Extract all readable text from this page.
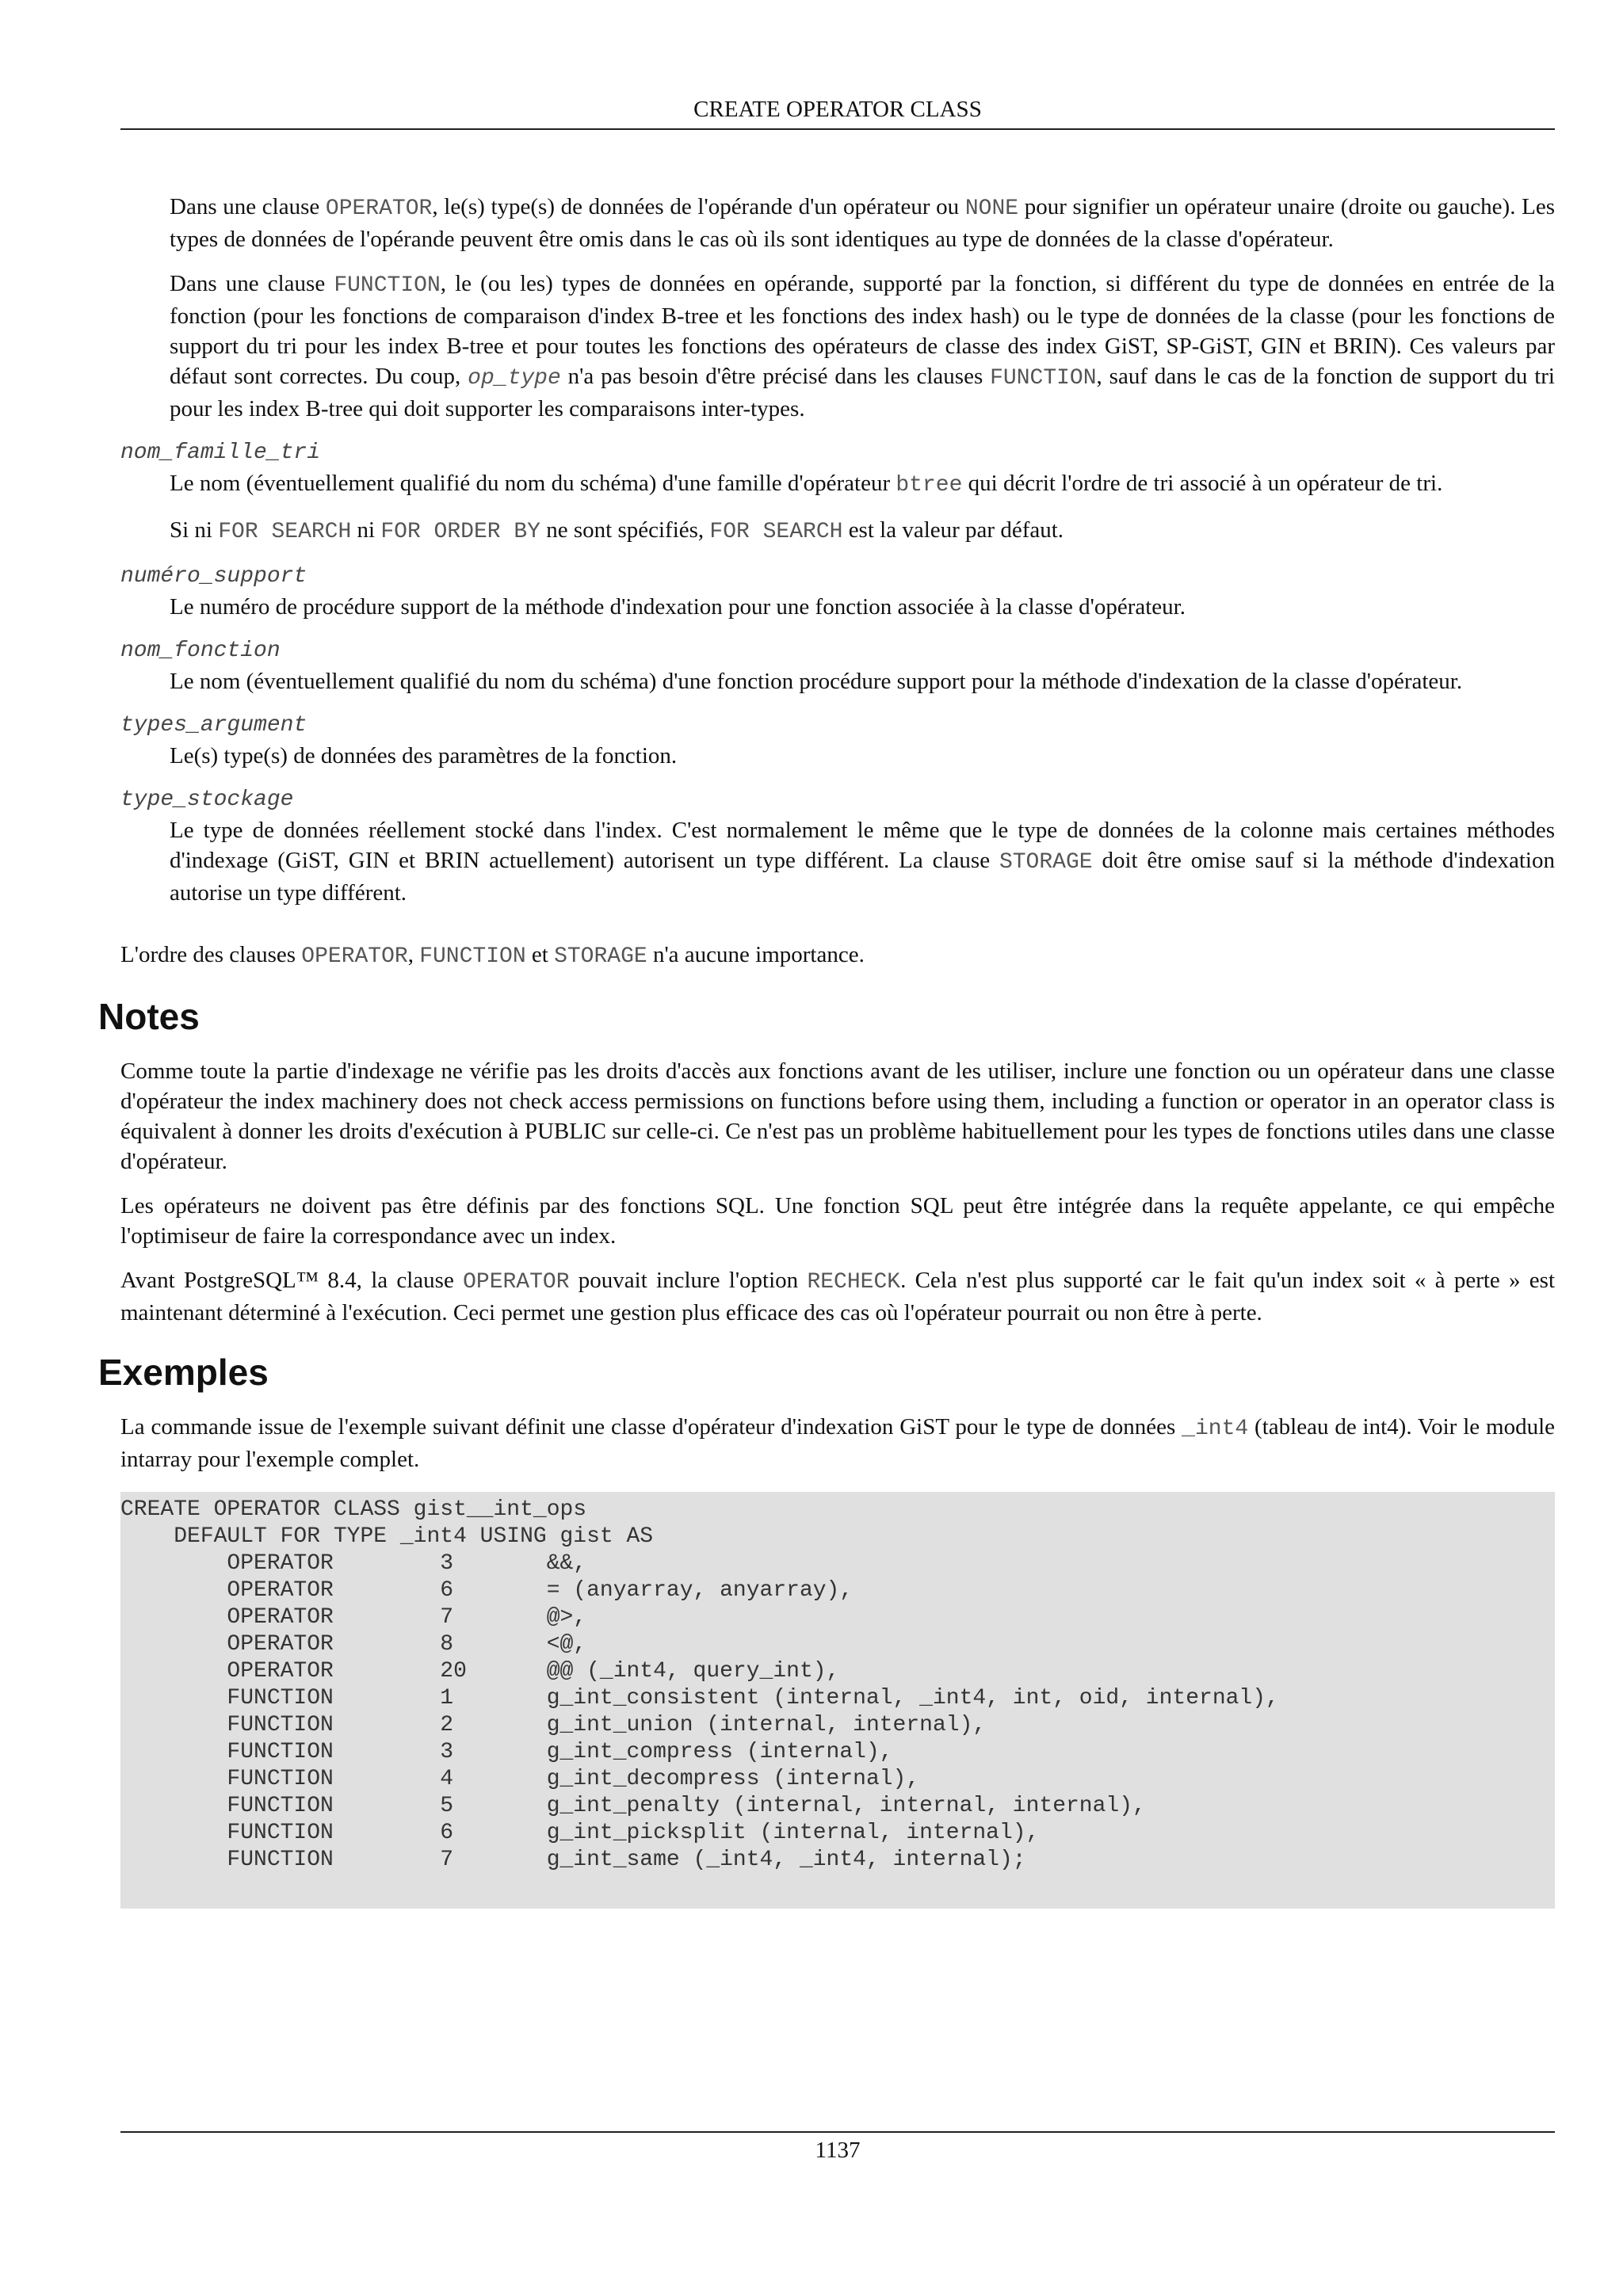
CREATE OPERATOR CLASS

Dans une clause OPERATOR, le(s) type(s) de données de l'opérande d'un opérateur ou NONE pour signifier un opérateur unaire (droite ou gauche). Les types de données de l'opérande peuvent être omis dans le cas où ils sont identiques au type de données de la classe d'opérateur.

Dans une clause FUNCTION, le (ou les) types de données en opérande, supporté par la fonction, si différent du type de données en entrée de la fonction (pour les fonctions de comparaison d'index B-tree et les fonctions des index hash) ou le type de données de la classe (pour les fonctions de support du tri pour les index B-tree et pour toutes les fonctions des opérateurs de classe des index GiST, SP-GiST, GIN et BRIN). Ces valeurs par défaut sont correctes. Du coup, op_type n'a pas besoin d'être précisé dans les clauses FUNCTION, sauf dans le cas de la fonction de support du tri pour les index B-tree qui doit supporter les comparaisons inter-types.

nom_famille_tri

Le nom (éventuellement qualifié du nom du schéma) d'une famille d'opérateur btree qui décrit l'ordre de tri associé à un opérateur de tri.

Si ni FOR SEARCH ni FOR ORDER BY ne sont spécifiés, FOR SEARCH est la valeur par défaut.

numéro_support

Le numéro de procédure support de la méthode d'indexation pour une fonction associée à la classe d'opérateur.

nom_fonction

Le nom (éventuellement qualifié du nom du schéma) d'une fonction procédure support pour la méthode d'indexation de la classe d'opérateur.

types_argument

Le(s) type(s) de données des paramètres de la fonction.

type_stockage

Le type de données réellement stocké dans l'index. C'est normalement le même que le type de données de la colonne mais certaines méthodes d'indexage (GiST, GIN et BRIN actuellement) autorisent un type différent. La clause STORAGE doit être omise sauf si la méthode d'indexation autorise un type différent.

L'ordre des clauses OPERATOR, FUNCTION et STORAGE n'a aucune importance.

Notes

Comme toute la partie d'indexage ne vérifie pas les droits d'accès aux fonctions avant de les utiliser, inclure une fonction ou un opérateur dans une classe d'opérateur the index machinery does not check access permissions on functions before using them, including a function or operator in an operator class is équivalent à donner les droits d'exécution à PUBLIC sur celle-ci. Ce n'est pas un problème habituellement pour les types de fonctions utiles dans une classe d'opérateur.

Les opérateurs ne doivent pas être définis par des fonctions SQL. Une fonction SQL peut être intégrée dans la requête appelante, ce qui empêche l'optimiseur de faire la correspondance avec un index.

Avant PostgreSQL™ 8.4, la clause OPERATOR pouvait inclure l'option RECHECK. Cela n'est plus supporté car le fait qu'un index soit « à perte » est maintenant déterminé à l'exécution. Ceci permet une gestion plus efficace des cas où l'opérateur pourrait ou non être à perte.

Exemples

La commande issue de l'exemple suivant définit une classe d'opérateur d'indexation GiST pour le type de données _int4 (tableau de int4). Voir le module intarray pour l'exemple complet.

CREATE OPERATOR CLASS gist__int_ops
DEFAULT FOR TYPE _int4 USING gist AS
OPERATOR        3       &&,
OPERATOR        6       = (anyarray, anyarray),
OPERATOR        7       @>,
OPERATOR        8       <@,
OPERATOR        20      @@ (_int4, query_int),
FUNCTION        1       g_int_consistent (internal, _int4, int, oid, internal),
FUNCTION        2       g_int_union (internal, internal),
FUNCTION        3       g_int_compress (internal),
FUNCTION        4       g_int_decompress (internal),
FUNCTION        5       g_int_penalty (internal, internal, internal),
FUNCTION        6       g_int_picksplit (internal, internal),
FUNCTION        7       g_int_same (_int4, _int4, internal);
1137
